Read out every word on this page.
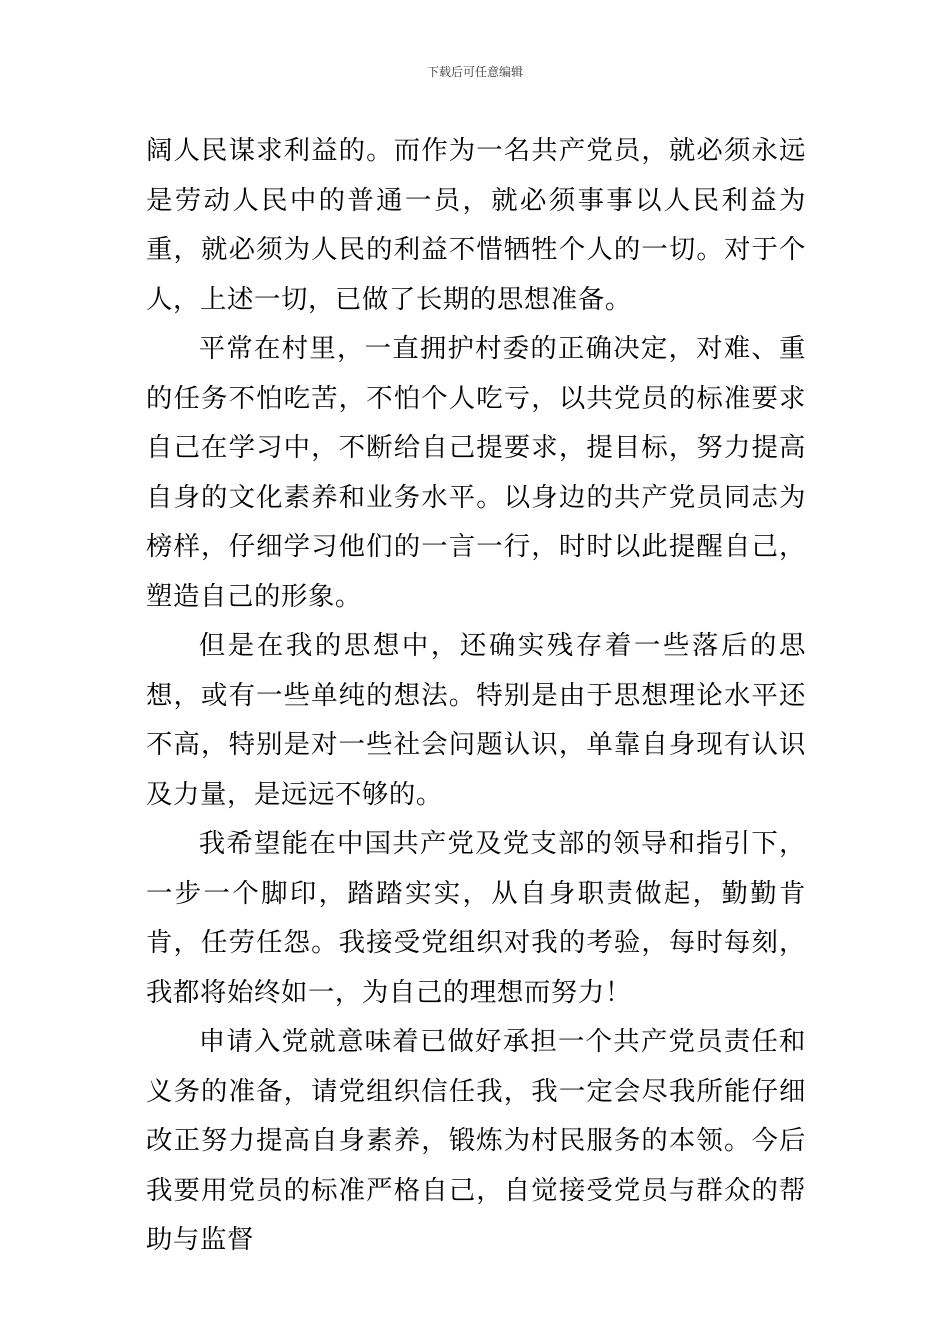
下载后可任意编辑

阔人民谋求利益的。而作为一名共产党员，就必须永远是劳动人民中的普通一员，就必须事事以人民利益为重，就必须为人民的利益不惜牺牲个人的一切。对于个人，上述一切，已做了长期的思想准备。

平常在村里，一直拥护村委的正确决定，对难、重的任务不怕吃苦，不怕个人吃亏，以共党员的标准要求自己在学习中，不断给自己提要求，提目标，努力提高自身的文化素养和业务水平。以身边的共产党员同志为榜样，仔细学习他们的一言一行，时时以此提醒自己，塑造自己的形象。

但是在我的思想中，还确实残存着一些落后的思想，或有一些单纯的想法。特别是由于思想理论水平还不高，特别是对一些社会问题认识，单靠自身现有认识及力量，是远远不够的。

我希望能在中国共产党及党支部的领导和指引下，一步一个脚印，踏踏实实，从自身职责做起，勤勤肯肯，任劳任怨。我接受党组织对我的考验，每时每刻，我都将始终如一，为自己的理想而努力！

申请入党就意味着已做好承担一个共产党员责任和义务的准备，请党组织信任我，我一定会尽我所能仔细改正努力提高自身素养，锻炼为村民服务的本领。今后我要用党员的标准严格自己，自觉接受党员与群众的帮助与监督
